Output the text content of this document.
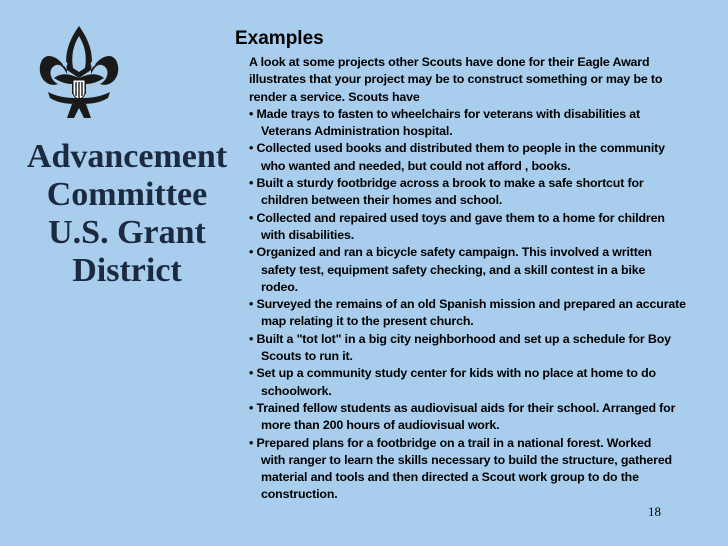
Advancement
Committee
U.S. Grant
District
Examples
A look at some projects other Scouts have done for their Eagle Award
illustrates that your project may be to construct something or may be to
render a service. Scouts have
• Made trays to fasten to wheelchairs for veterans with disabilities at
Veterans Administration hospital.
• Collected used books and distributed them to people in the community
who wanted and needed, but could not afford , books.
• Built a sturdy footbridge across a brook to make a safe shortcut for
children between their homes and school.
• Collected and repaired used toys and gave them to a home for children
with disabilities.
• Organized and ran a bicycle safety campaign. This involved a written
safety test, equipment safety checking, and a skill contest in a bike
rodeo.
• Surveyed the remains of an old Spanish mission and prepared an accurate
map relating it to the present church.
• Built a "tot lot" in a big city neighborhood and set up a schedule for Boy
Scouts to run it.
• Set up a community study center for kids with no place at home to do
schoolwork.
• Trained fellow students as audiovisual aids for their school. Arranged for
more than 200 hours of audiovisual work.
• Prepared plans for a footbridge on a trail in a national forest. Worked
with ranger to learn the skills necessary to build the structure, gathered
material and tools and then directed a Scout work group to do the
construction.
18
